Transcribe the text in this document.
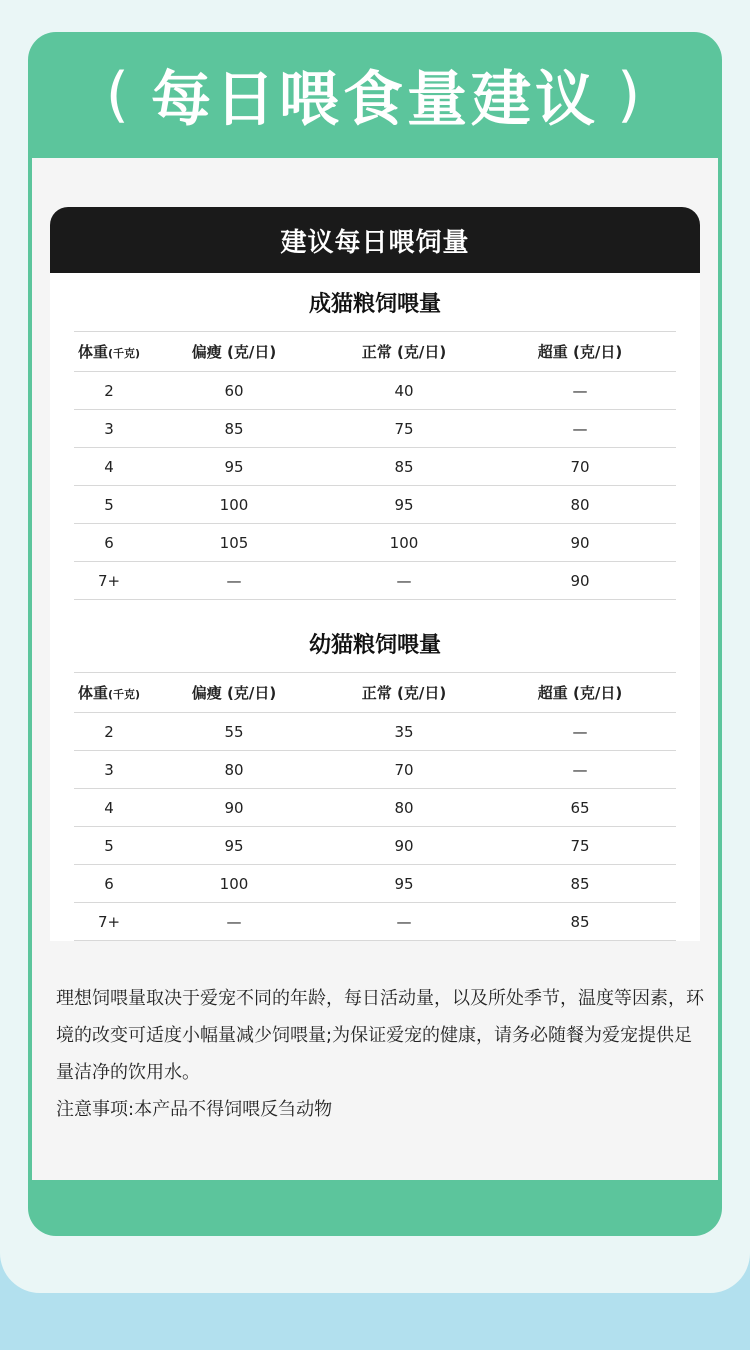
( 每日喂食量建议 )
建议每日喂饲量
成猫粮饲喂量
体重(千克)	偏瘦 (克/日)	正常 (克/日)	超重 (克/日)
2	60	40	—
3	85	75	—
4	95	85	70
5	100	95	80
6	105	100	90
7+	—	—	90
幼猫粮饲喂量
体重(千克)	偏瘦 (克/日)	正常 (克/日)	超重 (克/日)
2	55	35	—
3	80	70	—
4	90	80	65
5	95	90	75
6	100	95	85
7+	—	—	85

理想饲喂量取决于爱宠不同的年龄，每日活动量，以及所处季节，温度等因素，环境的改变可适度小幅量减少饲喂量;为保证爱宠的健康，请务必随餐为爱宠提供足量洁净的饮用水。

注意事项:本产品不得饲喂反刍动物
